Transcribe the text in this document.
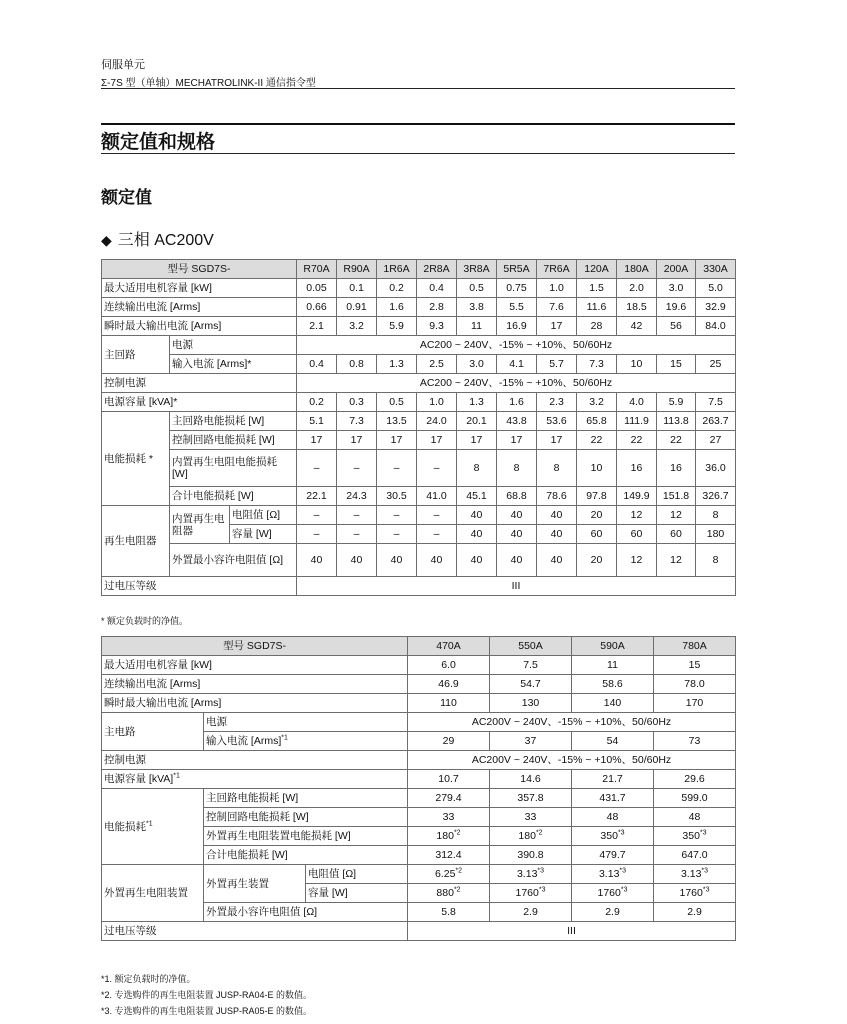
伺服单元
Σ-7S 型（单轴）MECHATROLINK-II 通信指令型
额定值和规格
额定值
◆ 三相 AC200V
型号 SGD7S-			R70A	R90A	1R6A	2R8A	3R8A	5R5A	7R6A	120A	180A	200A	330A
最大适用电机容量 [kW]			0.05	0.1	0.2	0.4	0.5	0.75	1.0	1.5	2.0	3.0	5.0
连续输出电流 [Arms]			0.66	0.91	1.6	2.8	3.8	5.5	7.6	11.6	18.5	19.6	32.9
瞬时最大输出电流 [Arms]			2.1	3.2	5.9	9.3	11	16.9	17	28	42	56	84.0
主回路	电源		AC200 ~ 240V、-15% ~ +10%、50/60Hz										
	输入电流 [Arms]*		0.4	0.8	1.3	2.5	3.0	4.1	5.7	7.3	10	15	25
控制电源			AC200 ~ 240V、-15% ~ +10%、50/60Hz										
电源容量 [kVA]*			0.2	0.3	0.5	1.0	1.3	1.6	2.3	3.2	4.0	5.9	7.5
电能损耗 *	主回路电能损耗 [W]		5.1	7.3	13.5	24.0	20.1	43.8	53.6	65.8	111.9	113.8	263.7
	控制回路电能损耗 [W]		17	17	17	17	17	17	17	22	22	22	27
	内置再生电阻电能损耗 [W]		–	–	–	–	8	8	8	10	16	16	36.0
	合计电能损耗 [W]		22.1	24.3	30.5	41.0	45.1	68.8	78.6	97.8	149.9	151.8	326.7
再生电阻器	内置再生电阻器	电阻值 [Ω]	–	–	–	–	40	40	40	20	12	12	8
		容量 [W]	–	–	–	–	40	40	40	60	60	60	180
	外置最小容许电阻值 [Ω]		40	40	40	40	40	40	40	20	12	12	8
过电压等级			III										
* 额定负载时的净值。
型号 SGD7S-			470A	550A	590A	780A
最大适用电机容量 [kW]			6.0	7.5	11	15
连续输出电流 [Arms]			46.9	54.7	58.6	78.0
瞬时最大输出电流 [Arms]			110	130	140	170
主电路	电源		AC200V ~ 240V、-15% ~ +10%、50/60Hz			
	输入电流 [Arms]$^{*1}$		29	37	54	73
控制电源			AC200V ~ 240V、-15% ~ +10%、50/60Hz			
电源容量 [kVA]$^{*1}$			10.7	14.6	21.7	29.6
电能损耗$^{*1}$	主回路电能损耗 [W]		279.4	357.8	431.7	599.0
	控制回路电能损耗 [W]		33	33	48	48
	外置再生电阻装置电能损耗 [W]		180$^{*2}$	180$^{*2}$	350$^{*3}$	350$^{*3}$
	合计电能损耗 [W]		312.4	390.8	479.7	647.0
外置再生电阻装置	外置再生装置	电阻值 [Ω]	6.25$^{*2}$	3.13$^{*3}$	3.13$^{*3}$	3.13$^{*3}$
		容量 [W]	880$^{*2}$	1760$^{*3}$	1760$^{*3}$	1760$^{*3}$
	外置最小容许电阻值 [Ω]		5.8	2.9	2.9	2.9
过电压等级			III			
*1. 额定负载时的净值。
*2. 专选购件的再生电阻装置 JUSP-RA04-E 的数值。
*3. 专选购件的再生电阻装置 JUSP-RA05-E 的数值。
